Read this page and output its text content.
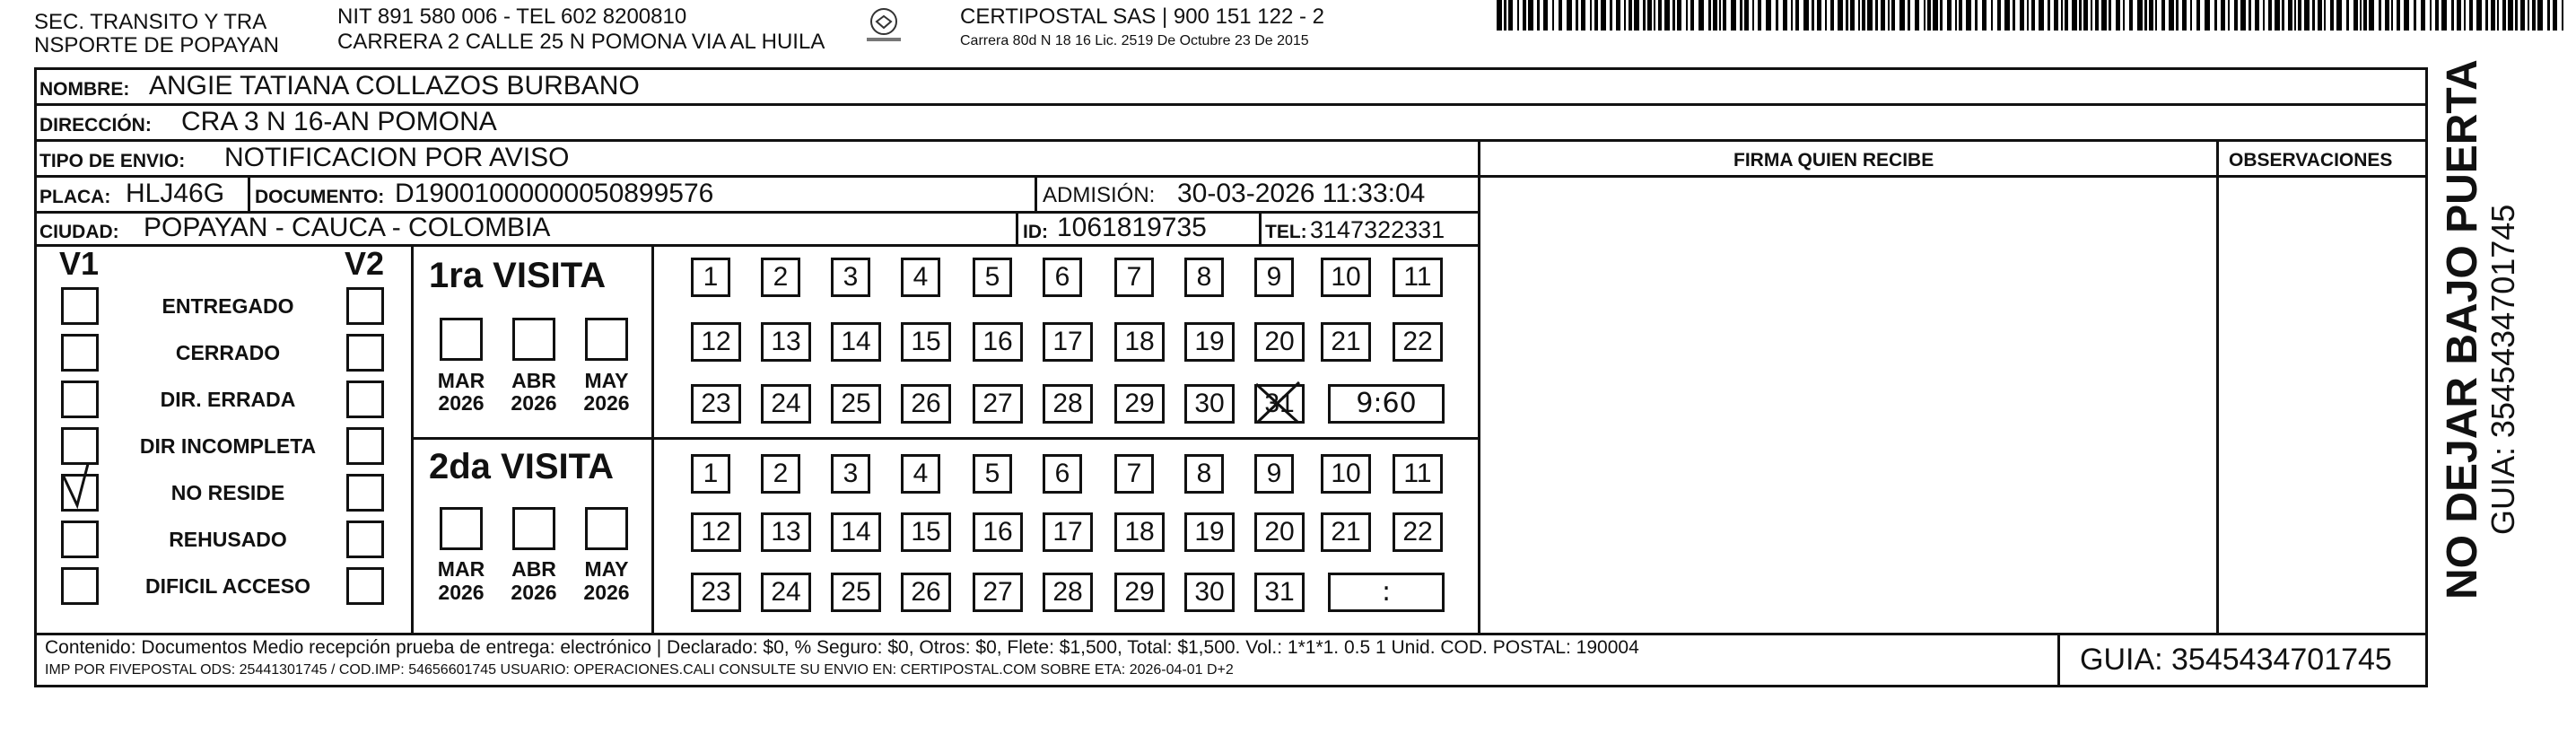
SEC. TRANSITO Y TRA
NSPORTE DE POPAYAN
NIT 891 580 006 - TEL 602 8200810
CARRERA 2 CALLE 25 N POMONA VIA AL HUILA
CERTIPOSTAL SAS | 900 151 122 - 2
Carrera 80d N 18 16 Lic. 2519 De Octubre 23 De 2015
NOMBRE: ANGIE TATIANA COLLAZOS BURBANO
DIRECCIÓN: CRA 3 N 16-AN POMONA
TIPO DE ENVIO: NOTIFICACION POR AVISO	FIRMA QUIEN RECIBE	OBSERVACIONES
PLACA: HLJ46G DOCUMENTO: D19001000000050899576	ADMISIÓN: 30-03-2026 11:33:04
CIUDAD: POPAYAN - CAUCA - COLOMBIA	ID: 1061819735	TEL: 3147322331
V1	V2
ENTREGADO
CERRADO
DIR. ERRADA
DIR INCOMPLETA
NO RESIDE
REHUSADO
DIFICIL ACCESO
1ra VISITA
2da VISITA
MAR
2026
ABR
2026
MAY
2026
MAR
2026
ABR
2026
MAY
2026
1	2	3	4	5	6	7	8	9	10	11
12	13	14	15	16	17	18	19	20	21	22
23	24	25	26	27	28	29	30	31	9:60
1	2	3	4	5	6	7	8	9	10	11
12	13	14	15	16	17	18	19	20	21	22
23	24	25	26	27	28	29	30	31	:
Contenido: Documentos Medio recepción prueba de entrega: electrónico | Declarado: $0, % Seguro: $0, Otros: $0, Flete: $1,500, Total: $1,500. Vol.: 1*1*1. 0.5 1 Unid. COD. POSTAL: 190004
IMP POR FIVEPOSTAL ODS: 25441301745 / COD.IMP: 54656601745 USUARIO: OPERACIONES.CALI CONSULTE SU ENVIO EN: CERTIPOSTAL.COM SOBRE ETA: 2026-04-01 D+2	GUIA: 3545434701745
NO DEJAR BAJO PUERTA
GUIA: 3545434701745
